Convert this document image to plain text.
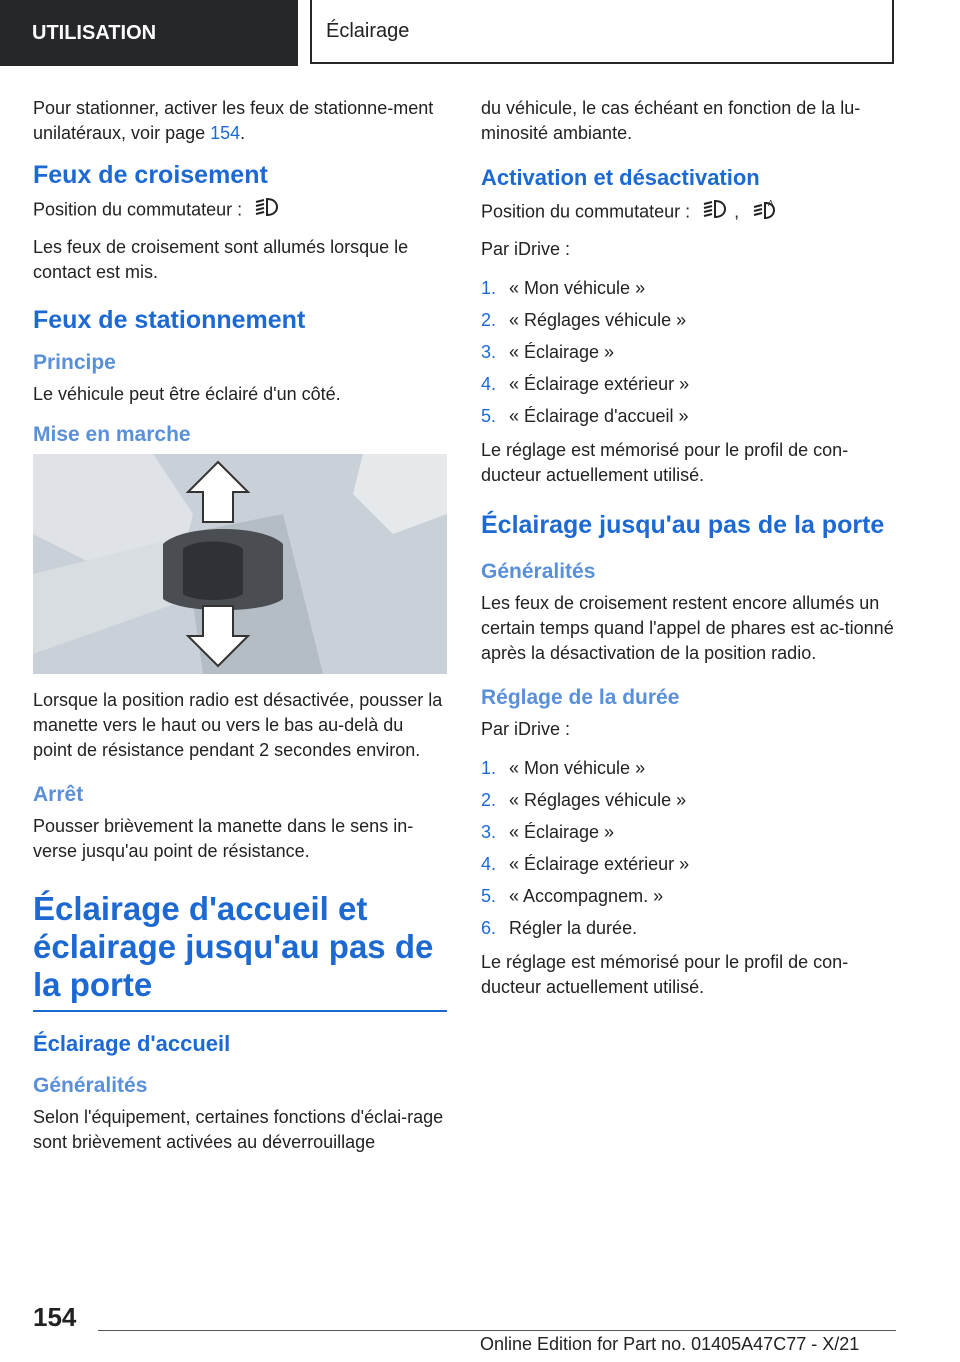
UTILISATION	Éclairage

Pour stationner, activer les feux de stationne-ment unilatéraux, voir page 154.

Feux de croisement

Position du commutateur :

Les feux de croisement sont allumés lorsque le contact est mis.

Feux de stationnement
Principe

Le véhicule peut être éclairé d'un côté.

Mise en marche

Lorsque la position radio est désactivée, pousser la manette vers le haut ou vers le bas au-delà du point de résistance pendant 2 secondes environ.

Arrêt

Pousser brièvement la manette dans le sens in-verse jusqu'au point de résistance.

Éclairage d'accueil et éclairage jusqu'au pas de la porte
Éclairage d'accueil
Généralités

Selon l'équipement, certaines fonctions d'éclai-rage sont brièvement activées au déverrouillage

du véhicule, le cas échéant en fonction de la lu-minosité ambiante.

Activation et désactivation

Position du commutateur : ,	A

Par iDrive :

1. « Mon véhicule »
2. « Réglages véhicule »
3. « Éclairage »
4. « Éclairage extérieur »
5. « Éclairage d'accueil »

Le réglage est mémorisé pour le profil de con-ducteur actuellement utilisé.

Éclairage jusqu'au pas de la porte
Généralités

Les feux de croisement restent encore allumés un certain temps quand l'appel de phares est ac-tionné après la désactivation de la position radio.

Réglage de la durée

Par iDrive :

1. « Mon véhicule »
2. « Réglages véhicule »
3. « Éclairage »
4. « Éclairage extérieur »
5. « Accompagnem. »
6. Régler la durée.

Le réglage est mémorisé pour le profil de con-ducteur actuellement utilisé.

154
Online Edition for Part no. 01405A47C77 - X/21
